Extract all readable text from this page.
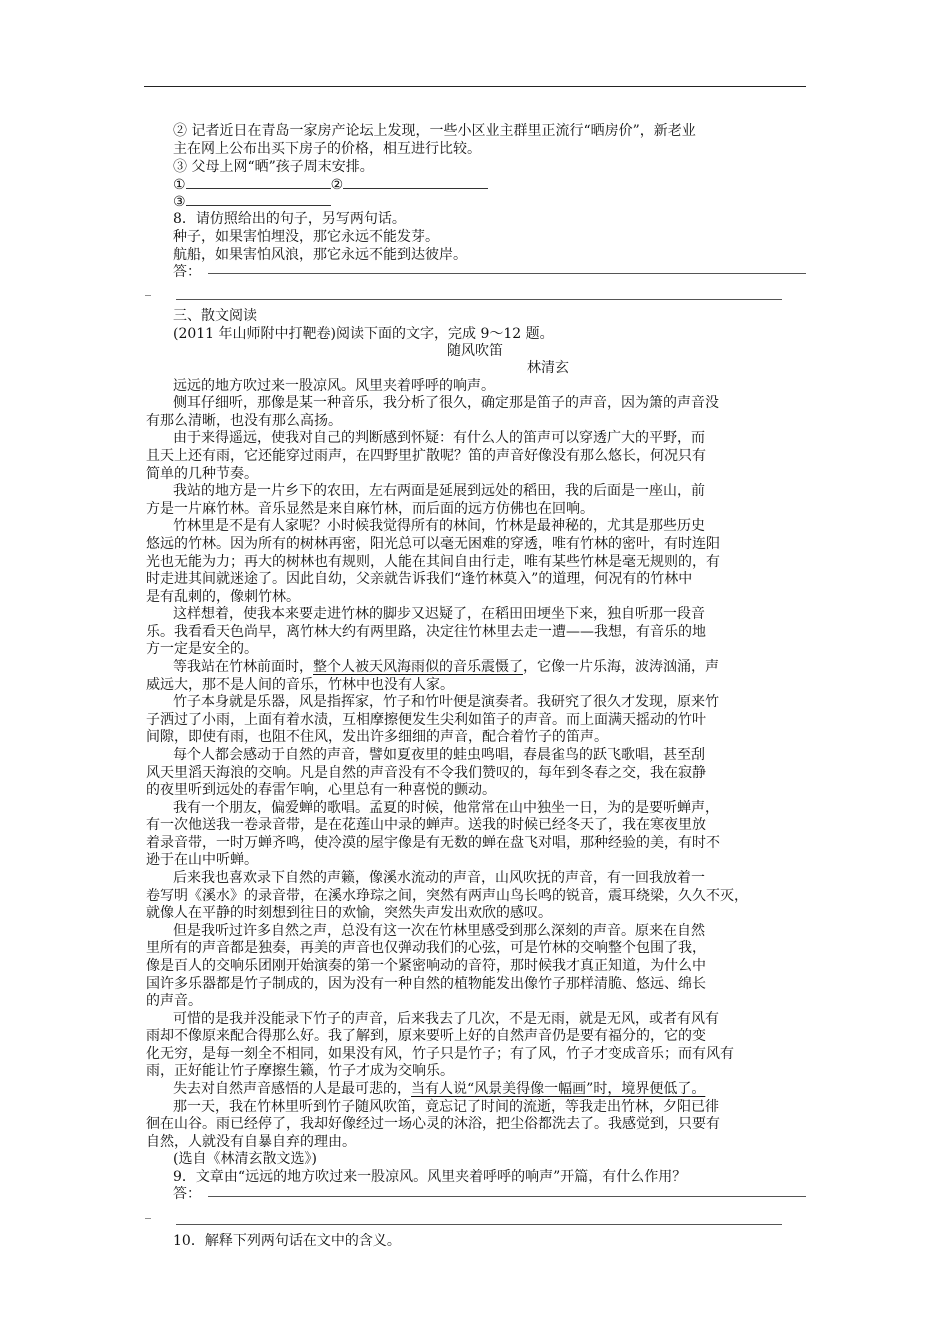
② 记者近日在青岛一家房产论坛上发现，一些小区业主群里正流行“晒房价”，新老业
主在网上公布出买下房子的价格，相互进行比较。
③ 父母上网“晒”孩子周末安排。
①	②
③
8．请仿照给出的句子，另写两句话。
种子，如果害怕埋没，那它永远不能发芽。
航船，如果害怕风浪，那它永远不能到达彼岸。
答：
_
三、散文阅读
(2011 年山师附中打靶卷)阅读下面的文字，完成 9～12 题。
随风吹笛
林清玄
远远的地方吹过来一股凉风。风里夹着呼呼的响声。
侧耳仔细听，那像是某一种音乐，我分析了很久，确定那是笛子的声音，因为箫的声音没
有那么清晰，也没有那么高扬。
由于来得遥远，使我对自己的判断感到怀疑：有什么人的笛声可以穿透广大的平野，而
且天上还有雨，它还能穿过雨声，在四野里扩散呢？笛的声音好像没有那么悠长，何况只有
简单的几种节奏。
我站的地方是一片乡下的农田，左右两面是延展到远处的稻田，我的后面是一座山，前
方是一片麻竹林。音乐显然是来自麻竹林，而后面的远方仿佛也在回响。
竹林里是不是有人家呢？小时候我觉得所有的林间，竹林是最神秘的，尤其是那些历史
悠远的竹林。因为所有的树林再密，阳光总可以毫无困难的穿透，唯有竹林的密叶，有时连阳
光也无能为力；再大的树林也有规则，人能在其间自由行走，唯有某些竹林是毫无规则的，有
时走进其间就迷途了。因此自幼，父亲就告诉我们“逢竹林莫入”的道理，何况有的竹林中
是有乱刺的，像刺竹林。
这样想着，使我本来要走进竹林的脚步又迟疑了，在稻田田埂坐下来，独自听那一段音
乐。我看看天色尚早，离竹林大约有两里路，决定往竹林里去走一遭——我想，有音乐的地
方一定是安全的。
等我站在竹林前面时，整个人被天风海雨似的音乐震慑了，它像一片乐海，波涛汹涌，声
威远大，那不是人间的音乐，竹林中也没有人家。
竹子本身就是乐器，风是指挥家，竹子和竹叶便是演奏者。我研究了很久才发现，原来竹
子洒过了小雨，上面有着水渍，互相摩擦便发生尖利如笛子的声音。而上面满天摇动的竹叶
间隙，即使有雨，也阻不住风，发出许多细细的声音，配合着竹子的笛声。
每个人都会感动于自然的声音，譬如夏夜里的蛙虫鸣唱，春晨雀鸟的跃飞歌唱，甚至刮
风天里滔天海浪的交响。凡是自然的声音没有不令我们赞叹的，每年到冬春之交，我在寂静
的夜里听到远处的春雷乍响，心里总有一种喜悦的颤动。
我有一个朋友，偏爱蝉的歌唱。孟夏的时候，他常常在山中独坐一日，为的是要听蝉声，
有一次他送我一卷录音带，是在花莲山中录的蝉声。送我的时候已经冬天了，我在寒夜里放
着录音带，一时万蝉齐鸣，使冷漠的屋宇像是有无数的蝉在盘飞对唱，那种经验的美，有时不
逊于在山中听蝉。
后来我也喜欢录下自然的声籁，像溪水流动的声音，山风吹抚的声音，有一回我放着一
卷写明《溪水》的录音带，在溪水琤琮之间，突然有两声山鸟长鸣的锐音，震耳绕梁，久久不灭，
就像人在平静的时刻想到往日的欢愉，突然失声发出欢欣的感叹。
但是我听过许多自然之声，总没有这一次在竹林里感受到那么深刻的声音。原来在自然
里所有的声音都是独奏，再美的声音也仅弹动我们的心弦，可是竹林的交响整个包围了我，
像是百人的交响乐团刚开始演奏的第一个紧密响动的音符，那时候我才真正知道，为什么中
国许多乐器都是竹子制成的，因为没有一种自然的植物能发出像竹子那样清脆、悠远、绵长
的声音。
可惜的是我并没能录下竹子的声音，后来我去了几次，不是无雨，就是无风，或者有风有
雨却不像原来配合得那么好。我了解到，原来要听上好的自然声音仍是要有福分的，它的变
化无穷，是每一刻全不相同，如果没有风，竹子只是竹子；有了风，竹子才变成音乐；而有风有
雨，正好能让竹子摩擦生籁，竹子才成为交响乐。
失去对自然声音感悟的人是最可悲的，当有人说“风景美得像一幅画”时，境界便低了。
那一天，我在竹林里听到竹子随风吹笛，竟忘记了时间的流逝，等我走出竹林，夕阳已徘
徊在山谷。雨已经停了，我却好像经过一场心灵的沐浴，把尘俗都洗去了。我感觉到，只要有
自然，人就没有自暴自弃的理由。
(选自《林清玄散文选》)
9．文章由“远远的地方吹过来一股凉风。风里夹着呼呼的响声”开篇，有什么作用？
答：
_
10．解释下列两句话在文中的含义。
